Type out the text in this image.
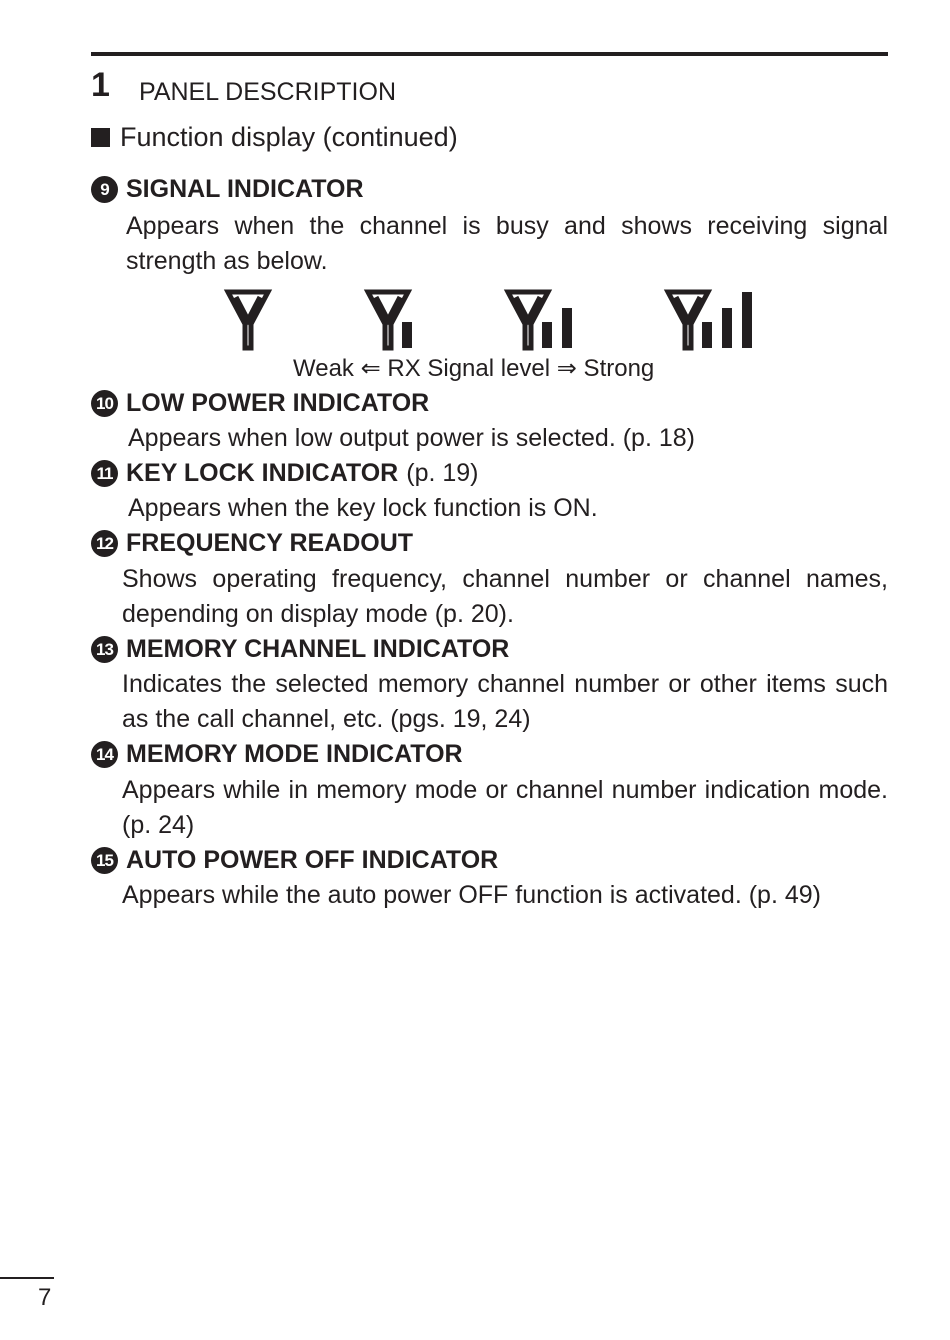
1 PANEL DESCRIPTION
Function display (continued)
9 SIGNAL INDICATOR
Appears when the channel is busy and shows receiving signal strength as below.
Weak ⇐ RX Signal level ⇒ Strong
10 LOW POWER INDICATOR
Appears when low output power is selected. (p. 18)
11 KEY LOCK INDICATOR (p. 19)
Appears when the key lock function is ON.
12 FREQUENCY READOUT
Shows operating frequency, channel number or channel names, depending on display mode (p. 20).
13 MEMORY CHANNEL INDICATOR
Indicates the selected memory channel number or other items such as the call channel, etc. (pgs. 19, 24)
14 MEMORY MODE INDICATOR
Appears while in memory mode or channel number indication mode. (p. 24)
15 AUTO POWER OFF INDICATOR
Appears while the auto power OFF function is activated. (p. 49)
7
